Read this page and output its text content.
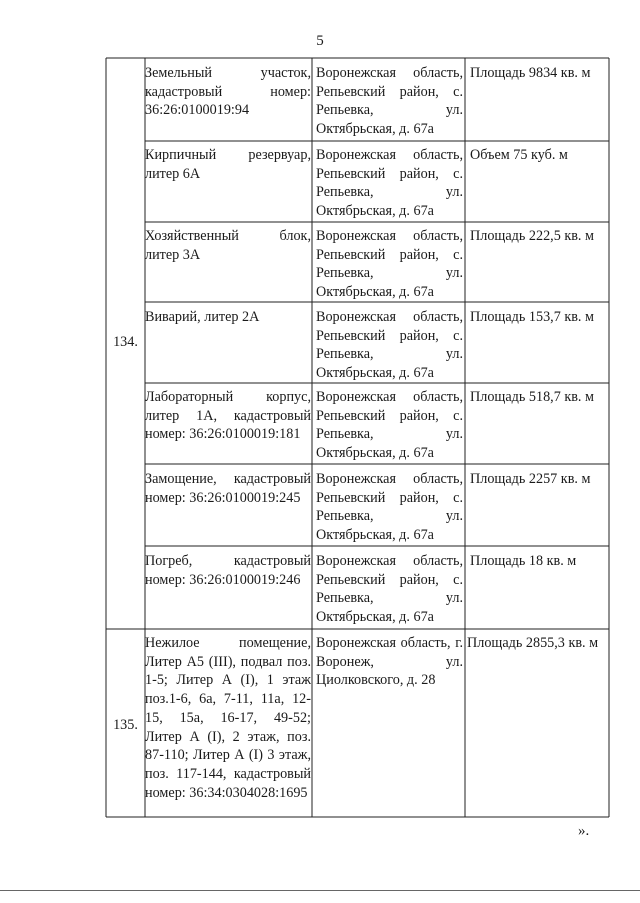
5
134.
Земельный участок, кадастровый номер: 36:26:0100019:94
Воронежская область, Репьевский район, с. Репьевка, ул. Октябрьская, д. 67а
Площадь 9834 кв. м
Кирпичный резервуар, литер 6А
Воронежская область, Репьевский район, с. Репьевка, ул. Октябрьская, д. 67а
Объем 75 куб. м
Хозяйственный блок, литер 3А
Воронежская область, Репьевский район, с. Репьевка, ул. Октябрьская, д. 67а
Площадь 222,5 кв. м
Виварий, литер 2А	Воронежская область, Репьевский район, с. Репьевка, ул. Октябрьская, д. 67а
Площадь 153,7 кв. м
Лабораторный корпус, литер 1А, кадастровый номер: 36:26:0100019:181
Воронежская область, Репьевский район, с. Репьевка, ул. Октябрьская, д. 67а
Площадь 518,7 кв. м
Замощение, кадастровый номер: 36:26:0100019:245
Воронежская область, Репьевский район, с. Репьевка, ул. Октябрьская, д. 67а
Площадь 2257 кв. м
Погреб, кадастровый номер: 36:26:0100019:246
Воронежская область, Репьевский район, с. Репьевка, ул. Октябрьская, д. 67а
Площадь 18 кв. м
135.
Нежилое помещение, Литер А5 (III), подвал поз. 1-5; Литер А (I), 1 этаж поз.1-6, 6а, 7-11, 11а, 12-15, 15а, 16-17, 49-52; Литер А (I), 2 этаж, поз. 87-110; Литер А (I) 3 этаж, поз. 117-144, кадастровый номер: 36:34:0304028:1695
Воронежская область, г. Воронеж, ул. Циолковского, д. 28
Площадь 2855,3 кв. м
».
